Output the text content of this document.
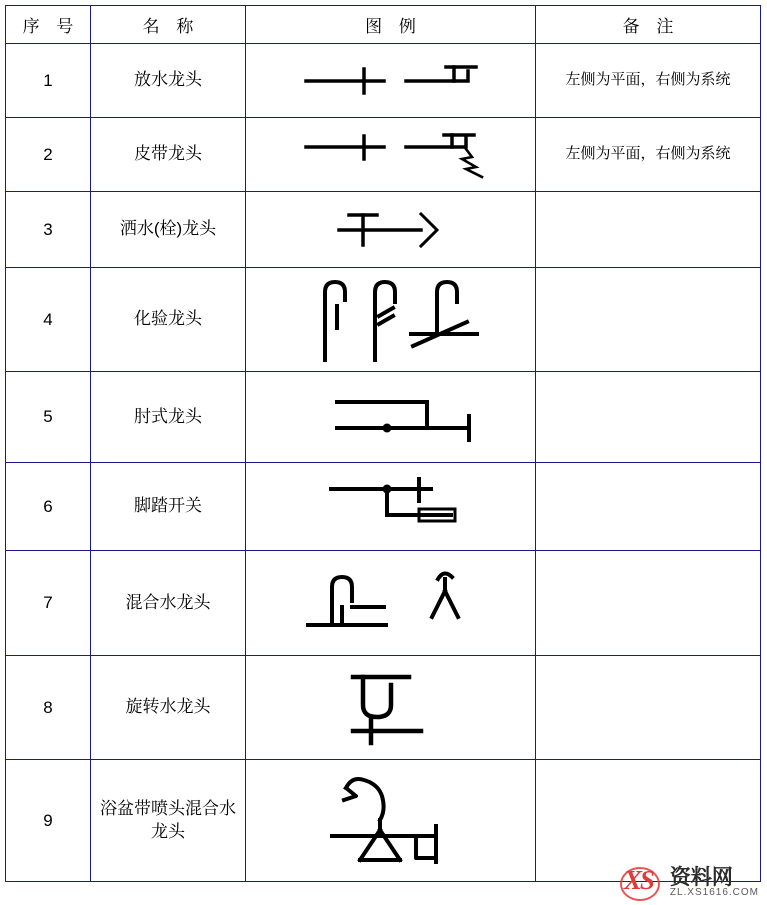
序 号	名 称	图 例	备 注
1	放水龙头		左侧为平面，右侧为系统
2	皮带龙头		左侧为平面，右侧为系统
3	洒水(栓)龙头	

4	化验龙头	

5	肘式龙头	

6	脚踏开关	

7	混合水龙头	

8	旋转水龙头	

9	浴盆带喷头混合水龙头	

XS 资料网
ZL.XS1616.COM
